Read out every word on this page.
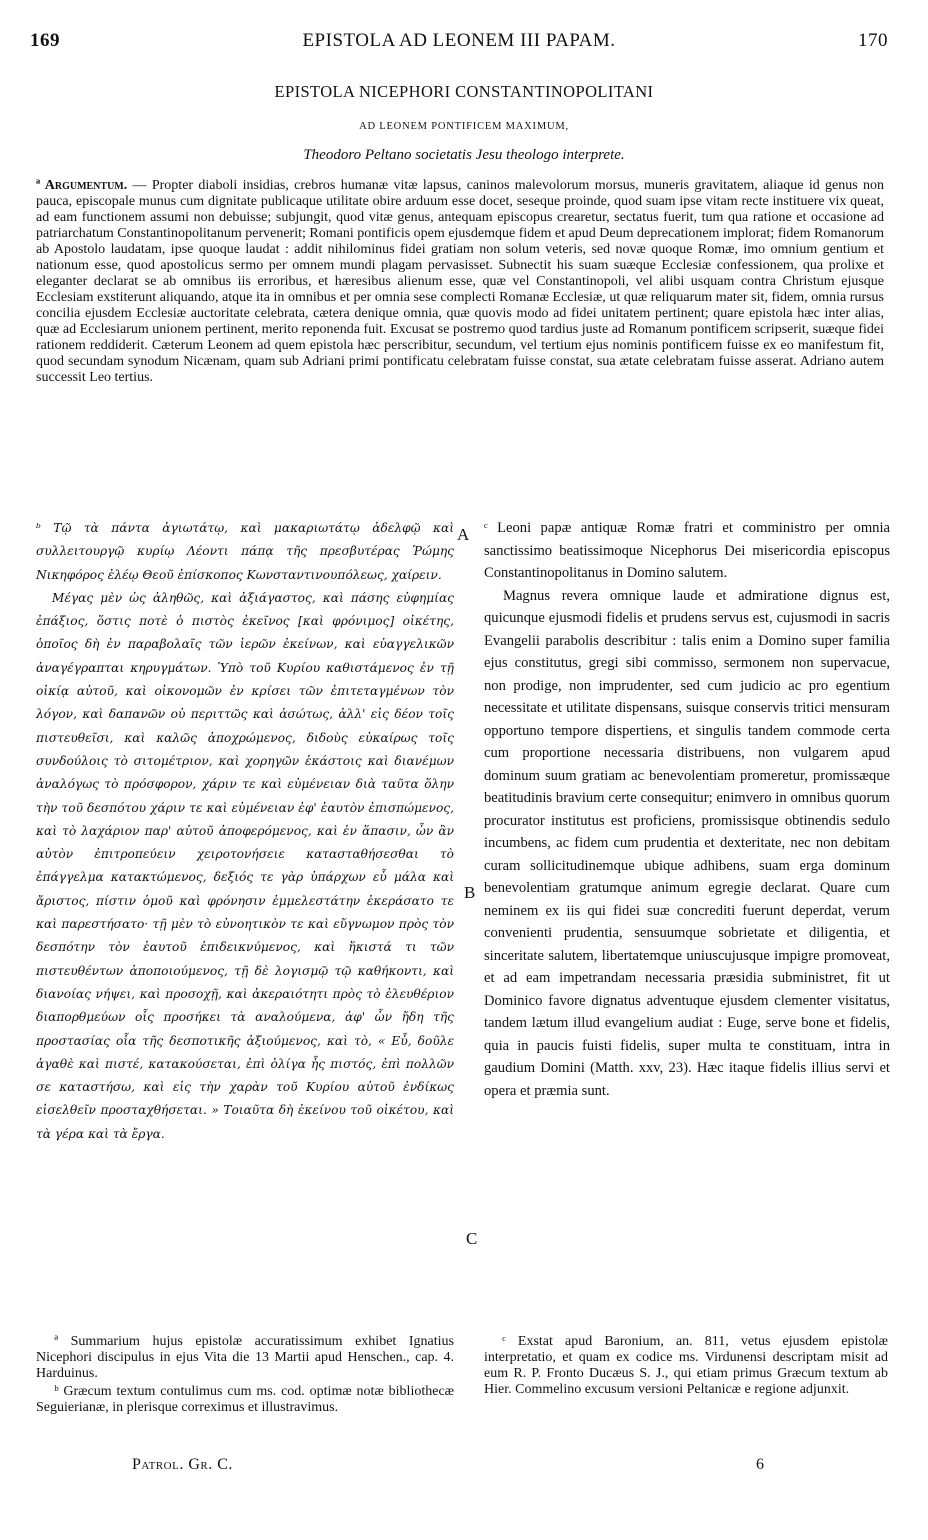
169	EPISTOLA AD LEONEM III PAPAM.	170
EPISTOLA NICEPHORI CONSTANTINOPOLITANI
AD LEONEM PONTIFICEM MAXIMUM,
Theodoro Peltano societatis Jesu theologo interprete.
ª Argumentum. — Propter diaboli insidias, crebros humanæ vitæ lapsus, caninos malevolorum morsus, muneris gravitatem, aliaque id genus non pauca, episcopale munus cum dignitate publicaque utilitate obire arduum esse docet, seseque proinde, quod suam ipse vitam recte instituere vix queat, ad eam functionem assumi non debuisse; subjungit, quod vitæ genus, antequam episcopus crearetur, sectatus fuerit, tum qua ratione et occasione ad patriarchatum Constantinopolitanum pervenerit; Romani pontificis opem ejusdemque fidem et apud Deum deprecationem implorat; fidem Romanorum ab Apostolo laudatam, ipse quoque laudat : addit nihilominus fidei gratiam non solum veteris, sed novæ quoque Romæ, imo omnium gentium et nationum esse, quod apostolicus sermo per omnem mundi plagam pervasisset. Subnectit his suam suæque Ecclesiæ confessionem, qua prolixe et eleganter declarat se ab omnibus iis erroribus, et hæresibus alienum esse, quæ vel Constantinopoli, vel alibi usquam contra Christum ejusque Ecclesiam exstiterunt aliquando, atque ita in omnibus et per omnia sese complecti Romanæ Ecclesiæ, ut quæ reliquarum mater sit, fidem, omnia rursus concilia ejusdem Ecclesiæ auctoritate celebrata, cætera denique omnia, quæ quovis modo ad fidei unitatem pertinent; quare epistola hæc inter alias, quæ ad Ecclesiarum unionem pertinent, merito reponenda fuit. Excusat se postremo quod tardius juste ad Romanum pontificem scripserit, suæque fidei rationem reddiderit. Cæterum Leonem ad quem epistola hæc perscribitur, secundum, vel tertium ejus nominis pontificem fuisse ex eo manifestum fit, quod secundam synodum Nicænam, quam sub Adriani primi pontificatu celebratam fuisse constat, sua ætate celebratam fuisse asserat. Adriano autem successit Leo tertius.

ᵇ Τῷ τὰ πάντα ἁγιωτάτῳ, καὶ μακαριωτάτῳ ἀδελφῷ καὶ συλλειτουργῷ κυρίῳ Λέοντι πάπᾳ τῆς πρεσβυτέρας Ῥώμης Νικηφόρος ἐλέῳ Θεοῦ ἐπίσκοπος Κωνσταντινουπόλεως, χαίρειν.

Μέγας μὲν ὡς ἀληθῶς, καὶ ἀξιάγαστος, καὶ πάσης εὐφημίας ἐπάξιος, ὅστις ποτὲ ὁ πιστὸς ἐκεῖνος [καὶ φρόνιμος] οἰκέτης, ὁποῖος δὴ ἐν παραβολαῖς τῶν ἱερῶν ἐκείνων, καὶ εὐαγγελικῶν ἀναγέγραπται κηρυγμάτων. Ὑπὸ τοῦ Κυρίου καθιστάμενος ἐν τῇ οἰκίᾳ αὐτοῦ, καὶ οἰκονομῶν ἐν κρίσει τῶν ἐπιτεταγμένων τὸν λόγον, καὶ δαπανῶν οὐ περιττῶς καὶ ἀσώτως, ἀλλ' εἰς δέον τοῖς πιστευθεῖσι, καὶ καλῶς ἀποχρώμενος, διδοὺς εὐκαίρως τοῖς συνδούλοις τὸ σιτομέτριον, καὶ χορηγῶν ἑκάστοις καὶ διανέμων ἀναλόγως τὸ πρόσφορον, χάριν τε καὶ εὐμένειαν διὰ ταῦτα ὅλην τὴν τοῦ δεσπότου χάριν τε καὶ εὐμένειαν ἐφ' ἑαυτὸν ἐπισπώμενος, καὶ τὸ λαχάριον παρ' αὐτοῦ ἀποφερόμενος, καὶ ἐν ἅπασιν, ὧν ἂν αὐτὸν ἐπιτροπεύειν χειροτονήσειε κατασταθήσεσθαι τὸ ἐπάγγελμα κατακτώμενος, δεξιός τε γὰρ ὑπάρχων εὖ μάλα καὶ ἄριστος, πίστιν ὁμοῦ καὶ φρόνησιν ἐμμελεστάτην ἐκεράσατο τε καὶ παρεστήσατο· τῇ μὲν τὸ εὐνοητικὸν τε καὶ εὔγνωμον πρὸς τὸν δεσπότην τὸν ἑαυτοῦ ἐπιδεικνύμενος, καὶ ἥκιστά τι τῶν πιστευθέντων ἀποποιούμενος, τῇ δὲ λογισμῷ τῷ καθήκοντι, καὶ διανοίας νήψει, καὶ προσοχῇ, καὶ ἀκεραιότητι πρὸς τὸ ἐλευθέριον διαπορθμεύων οἷς προσήκει τὰ αναλούμενα, ἀφ' ὧν ἤδη τῆς προστασίας οἷα τῆς δεσποτικῆς ἀξιούμενος, καὶ τὸ, « Εὖ, δοῦλε ἀγαθὲ καὶ πιστέ, κατακούσεται, ἐπὶ ὀλίγα ἧς πιστός, ἐπὶ πολλῶν σε καταστήσω, καὶ εἰς τὴν χαρὰν τοῦ Κυρίου αὐτοῦ ἐνδίκως εἰσελθεῖν προσταχθήσεται. » Τοιαῦτα δὴ ἐκείνου τοῦ οἰκέτου, καὶ τὰ γέρα καὶ τὰ ἔργα.

A
B
C

ᶜ Leoni papæ antiquæ Romæ fratri et comministro per omnia sanctissimo beatissimoque Nicephorus Dei misericordia episcopus Constantinopolitanus in Domino salutem.

Magnus revera omnique laude et admiratione dignus est, quicunque ejusmodi fidelis et prudens servus est, cujusmodi in sacris Evangelii parabolis describitur : talis enim a Domino super familia ejus constitutus, gregi sibi commisso, sermonem non supervacue, non prodige, non imprudenter, sed cum judicio ac pro egentium necessitate et utilitate dispensans, suisque conservis tritici mensuram opportuno tempore dispertiens, et singulis tandem commode certa cum proportione necessaria distribuens, non vulgarem apud dominum suum gratiam ac benevolentiam promeretur, promissæque beatitudinis bravium certe consequitur; enimvero in omnibus quorum procurator institutus est proficiens, promissisque obtinendis sedulo incumbens, ac fidem cum prudentia et dexteritate, nec non debitam curam sollicitudinemque ubique adhibens, suam erga dominum benevolentiam gratumque animum egregie declarat. Quare cum neminem ex iis qui fidei suæ concrediti fuerunt deperdat, verum convenienti prudentia, sensuumque sobrietate et diligentia, et sinceritate salutem, libertatemque uniuscujusque impigre promoveat, et ad eam impetrandam necessaria præsidia subministret, fit ut Dominico favore dignatus adventuque ejusdem clementer visitatus, tandem lætum illud evangelium audiat : Euge, serve bone et fidelis, quia in paucis fuisti fidelis, super multa te constituam, intra in gaudium Domini (Matth. xxv, 23). Hæc itaque fidelis illius servi et opera et præmia sunt.

ª Summarium hujus epistolæ accuratissimum exhibet Ignatius Nicephori discipulus in ejus Vita die 13 Martii apud Henschen., cap. 4. Harduinus.

ᵇ Græcum textum contulimus cum ms. cod. optimæ notæ bibliothecæ Seguierianæ, in plerisque correximus et illustravimus.

ᶜ Exstat apud Baronium, an. 811, vetus ejusdem epistolæ interpretatio, et quam ex codice ms. Virdunensi descriptam misit ad eum R. P. Fronto Ducæus S. J., qui etiam primus Græcum textum ab Hier. Commelino excusum versioni Peltanicæ e regione adjunxit.

Patrol. Gr. C.	6
